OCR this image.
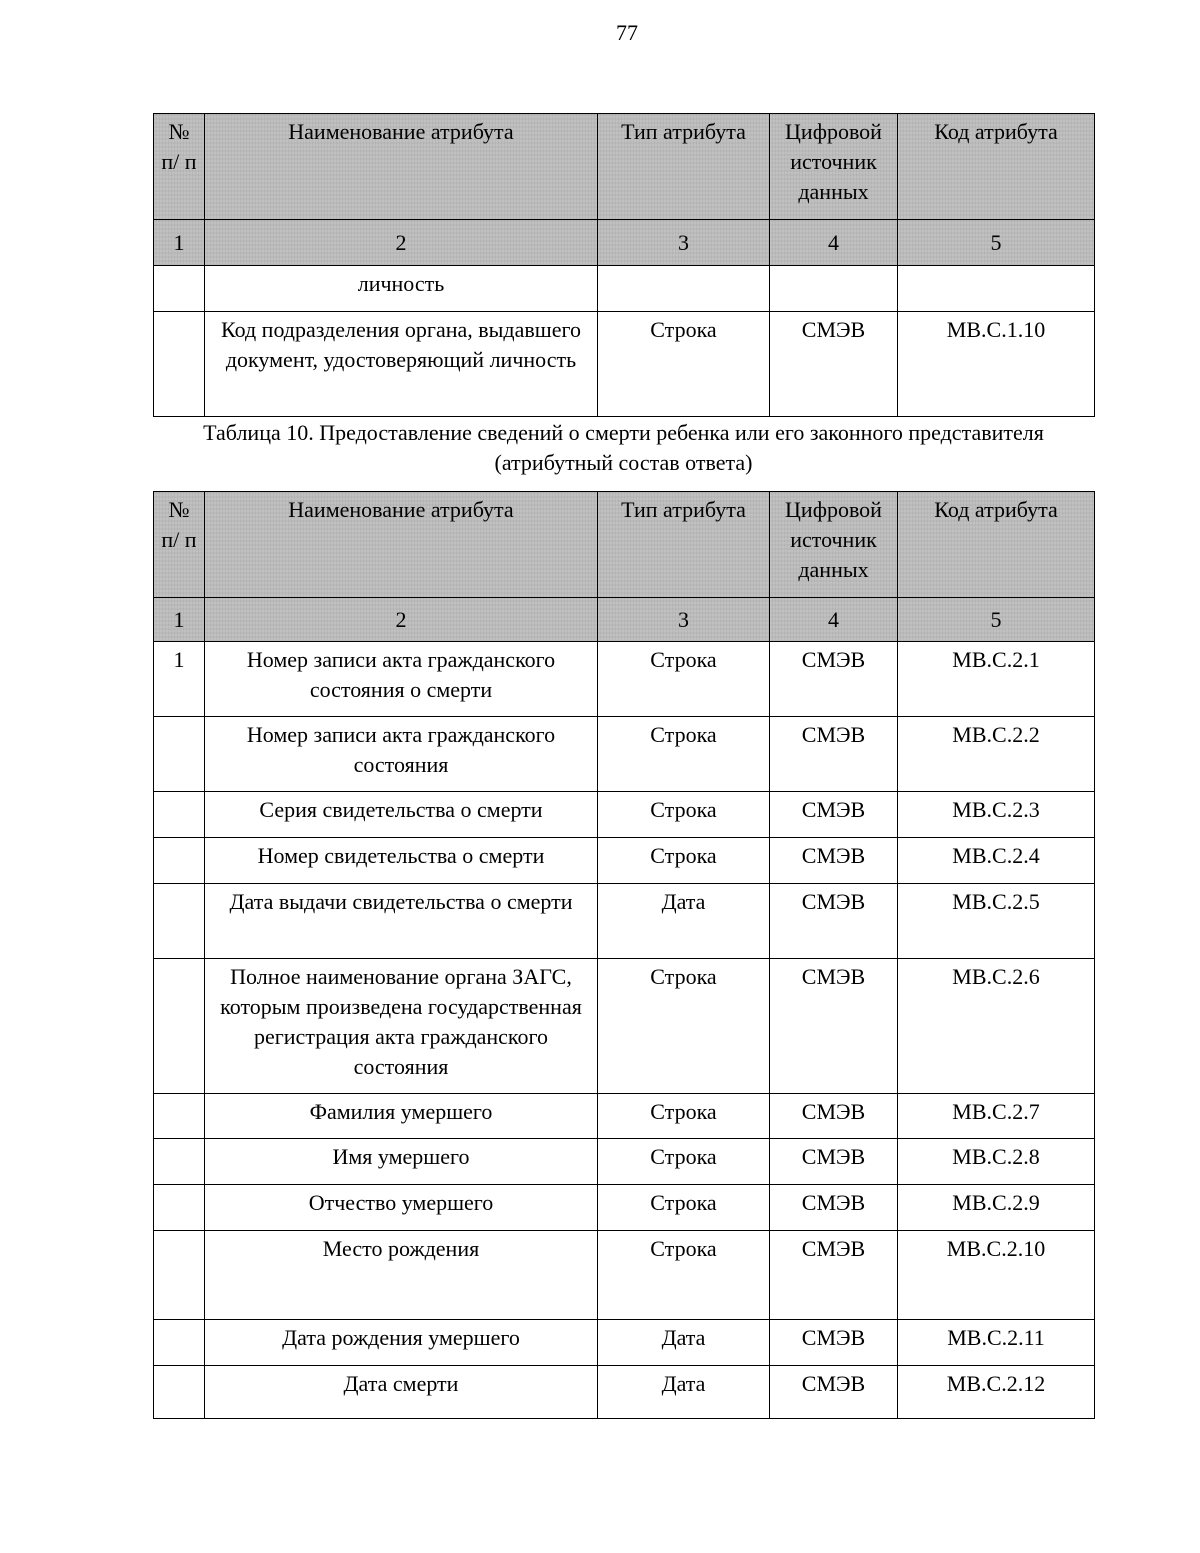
77
№ п/ п	Наименование атрибута	Тип атрибута	Цифровой источник данных	Код атрибута
1	2	3	4	5
	личность			
	Код подразделения органа, выдавшего документ, удостоверяющий личность	Строка	СМЭВ	МВ.С.1.10
Таблица 10. Предоставление сведений о смерти ребенка или его законного представителя
(атрибутный состав ответа)
№ п/ п	Наименование атрибута	Тип атрибута	Цифровой источник данных	Код атрибута
1	2	3	4	5
1	Номер записи акта гражданского состояния о смерти	Строка	СМЭВ	МВ.С.2.1
	Номер записи акта гражданского состояния	Строка	СМЭВ	МВ.С.2.2
	Серия свидетельства о смерти	Строка	СМЭВ	МВ.С.2.3
	Номер свидетельства о смерти	Строка	СМЭВ	МВ.С.2.4
	Дата выдачи свидетельства о смерти	Дата	СМЭВ	МВ.С.2.5
	Полное наименование органа ЗАГС, которым произведена государственная регистрация акта гражданского состояния	Строка	СМЭВ	МВ.С.2.6
	Фамилия умершего	Строка	СМЭВ	МВ.С.2.7
	Имя умершего	Строка	СМЭВ	МВ.С.2.8
	Отчество умершего	Строка	СМЭВ	МВ.С.2.9
	Место рождения	Строка	СМЭВ	МВ.С.2.10
	Дата рождения умершего	Дата	СМЭВ	МВ.С.2.11
	Дата смерти	Дата	СМЭВ	МВ.С.2.12
